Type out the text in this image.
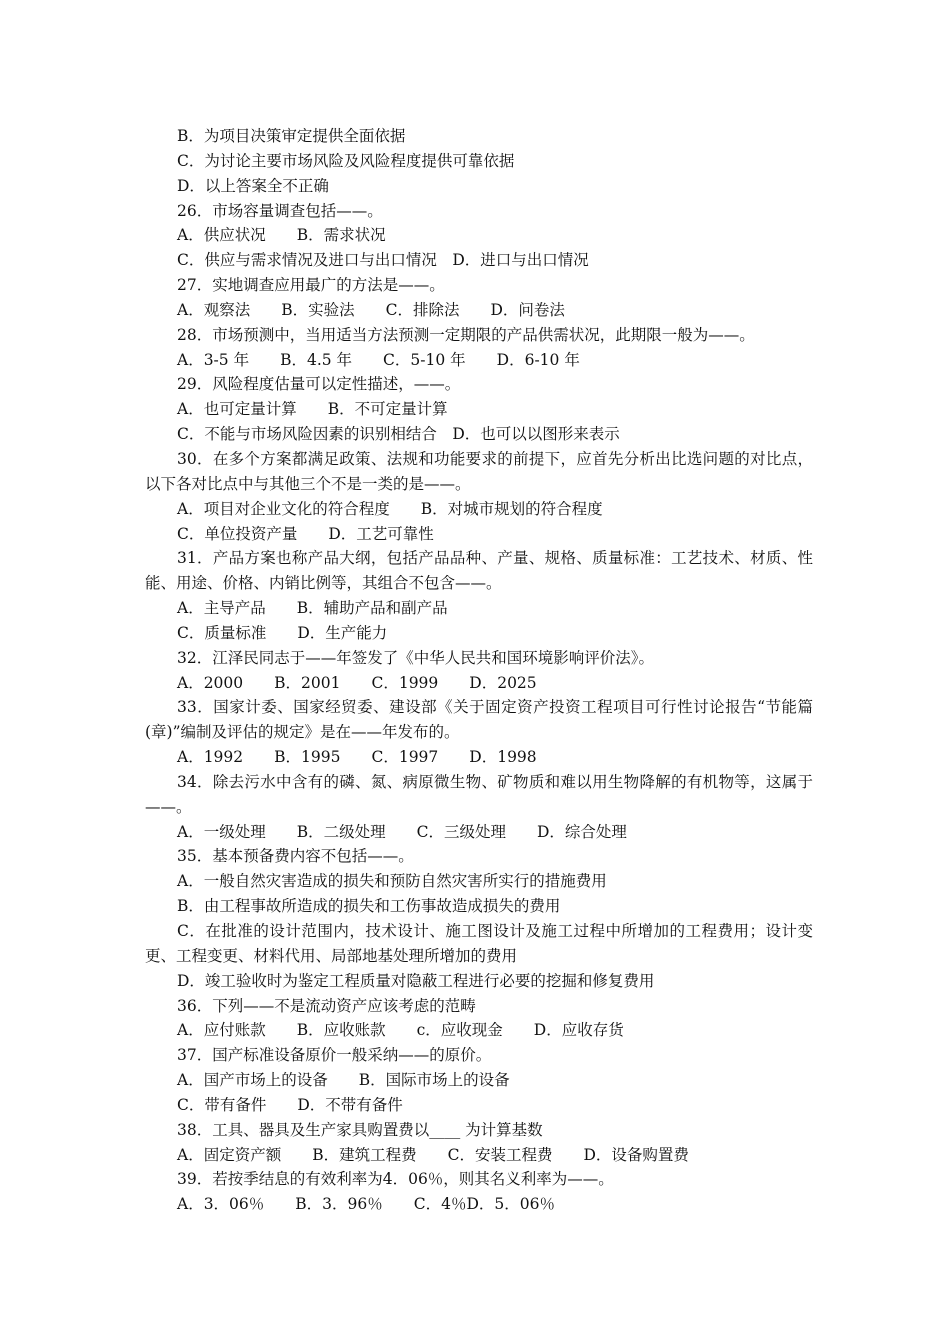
B．为项目决策审定提供全面依据
C．为讨论主要市场风险及风险程度提供可靠依据
D．以上答案全不正确
26．市场容量调查包括——。
A．供应状况　　B．需求状况
C．供应与需求情况及进口与出口情况　D．进口与出口情况
27．实地调查应用最广的方法是——。
A．观察法　　B．实验法　　C．排除法　　D．问卷法
28．市场预测中，当用适当方法预测一定期限的产品供需状况，此期限一般为——。
A．3-5 年　　B．4.5 年　　C．5-10 年　　D．6-10 年
29．风险程度估量可以定性描述，——。
A．也可定量计算　　B．不可定量计算
C．不能与市场风险因素的识别相结合　D．也可以以图形来表示
30．在多个方案都满足政策、法规和功能要求的前提下，应首先分析出比选问题的对比点，以下各对比点中与其他三个不是一类的是——。
A．项目对企业文化的符合程度　　B．对城市规划的符合程度
C．单位投资产量　　D．工艺可靠性
31．产品方案也称产品大纲，包括产品品种、产量、规格、质量标准：工艺技术、材质、性能、用途、价格、内销比例等，其组合不包含——。
A．主导产品　　B．辅助产品和副产品
C．质量标准　　D．生产能力
32．江泽民同志于——年签发了《中华人民共和国环境影响评价法》。
A．2000　　B．2001　　C．1999　　D．2025
33．国家计委、国家经贸委、建设部《关于固定资产投资工程项目可行性讨论报告“节能篇(章)”编制及评估的规定》是在——年发布的。
A．1992　　B．1995　　C．1997　　D．1998
34．除去污水中含有的磷、氮、病原微生物、矿物质和难以用生物降解的有机物等，这属于——。
A．一级处理　　B．二级处理　　C．三级处理　　D．综合处理
35．基本预备费内容不包括——。
A．一般自然灾害造成的损失和预防自然灾害所实行的措施费用
B．由工程事故所造成的损失和工伤事故造成损失的费用
C．在批准的设计范围内，技术设计、施工图设计及施工过程中所增加的工程费用；设计变更、工程变更、材料代用、局部地基处理所增加的费用
D．竣工验收时为鉴定工程质量对隐蔽工程进行必要的挖掘和修复费用
36．下列——不是流动资产应该考虑的范畴
A．应付账款　　B．应收账款　　c．应收现金　　D．应收存货
37．国产标准设备原价一般采纳——的原价。
A．国产市场上的设备　　B．国际市场上的设备
C．带有备件　　D．不带有备件
38．工具、器具及生产家具购置费以____ 为计算基数
A．固定资产额　　B．建筑工程费　　C．安装工程费　　D．设备购置费
39．若按季结息的有效利率为4．06％，则其名义利率为——。
A．3．06％　　B．3．96％　　C．4％D．5．06％
